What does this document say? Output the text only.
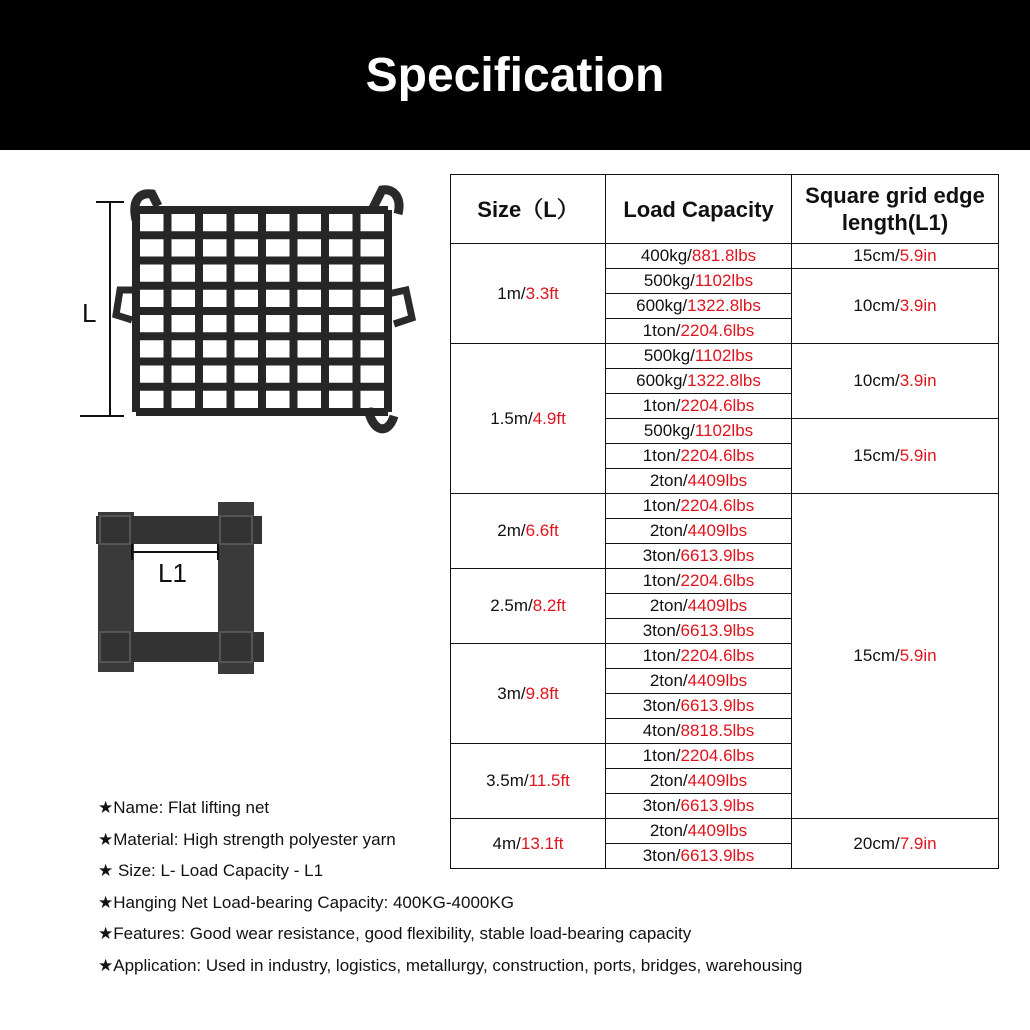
Specification
L
L1
Size（L）	Load Capacity	Square grid edge length(L1)
1m/3.3ft	400kg/881.8lbs	15cm/5.9in
	500kg/1102lbs	10cm/3.9in
	600kg/1322.8lbs	
	1ton/2204.6lbs	
1.5m/4.9ft	500kg/1102lbs	10cm/3.9in
	600kg/1322.8lbs	
	1ton/2204.6lbs	
	500kg/1102lbs	15cm/5.9in
	1ton/2204.6lbs	
	2ton/4409lbs	
2m/6.6ft	1ton/2204.6lbs	15cm/5.9in
	2ton/4409lbs	
	3ton/6613.9lbs	
2.5m/8.2ft	1ton/2204.6lbs	
	2ton/4409lbs	
	3ton/6613.9lbs	
3m/9.8ft	1ton/2204.6lbs	
	2ton/4409lbs	
	3ton/6613.9lbs	
	4ton/8818.5lbs	
3.5m/11.5ft	1ton/2204.6lbs	
	2ton/4409lbs	
	3ton/6613.9lbs	
4m/13.1ft	2ton/4409lbs	20cm/7.9in
	3ton/6613.9lbs	
★Name: Flat lifting net
★Material: High strength polyester yarn
★ Size: L- Load Capacity - L1
★Hanging Net Load-bearing Capacity: 400KG-4000KG
★Features: Good wear resistance, good flexibility, stable load-bearing capacity
★Application: Used in industry, logistics, metallurgy, construction, ports, bridges, warehousing
